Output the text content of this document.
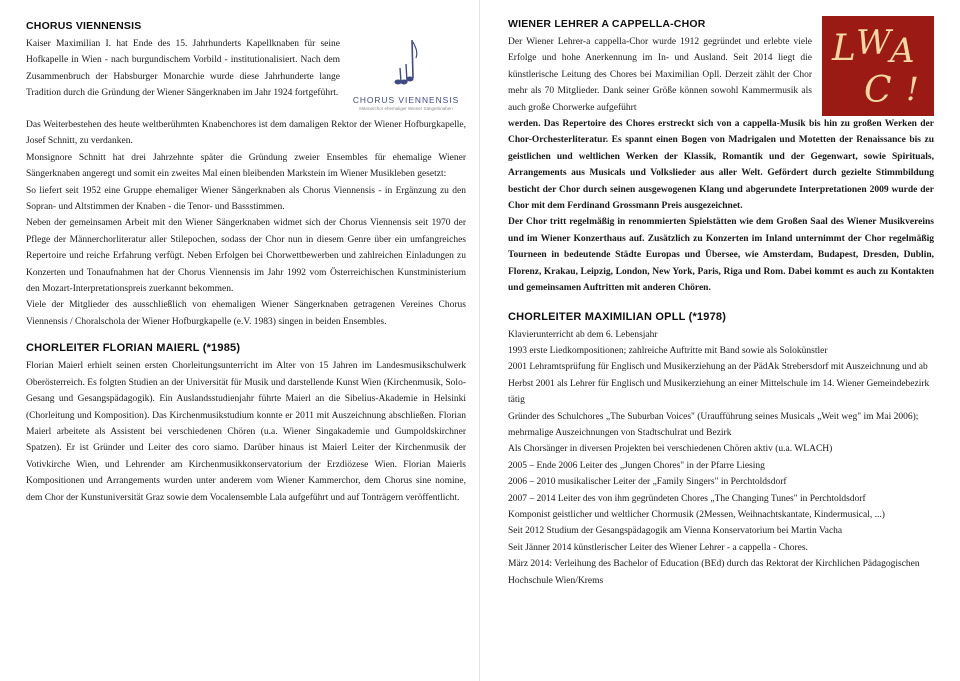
CHORUS VIENNENSIS

Kaiser Maximilian I. hat Ende des 15. Jahrhunderts Kapellknaben für seine Hofkapelle in Wien - nach burgundischem Vorbild - institutionalisiert. Nach dem Zusammenbruch der Habsburger Monarchie wurde diese Jahrhunderte lange Tradition durch die Gründung der Wiener Sängerknaben im Jahr 1924 fortgeführt.

CHORUS VIENNENSIS
Männerchor ehemaliger Wiener Sängerknaben

Das Weiterbestehen des heute weltberühmten Knabenchores ist dem damaligen Rektor der Wiener Hofburgkapelle, Josef Schnitt, zu verdanken.

Monsignore Schnitt hat drei Jahrzehnte später die Gründung zweier Ensembles für ehemalige Wiener Sängerknaben angeregt und somit ein zweites Mal einen bleibenden Markstein im Wiener Musikleben gesetzt:

So liefert seit 1952 eine Gruppe ehemaliger Wiener Sängerknaben als Chorus Viennensis - in Ergänzung zu den Sopran- und Altstimmen der Knaben - die Tenor- und Bassstimmen.

Neben der gemeinsamen Arbeit mit den Wiener Sängerknaben widmet sich der Chorus Viennensis seit 1970 der Pflege der Männerchorliteratur aller Stilepochen, sodass der Chor nun in diesem Genre über ein umfangreiches Repertoire und reiche Erfahrung verfügt. Neben Erfolgen bei Chorwettbewerben und zahlreichen Einladungen zu Konzerten und Tonaufnahmen hat der Chorus Viennensis im Jahr 1992 vom Österreichischen Kunstministerium den Mozart-Interpretationspreis zuerkannt bekommen.

Viele der Mitglieder des ausschließlich von ehemaligen Wiener Sängerknaben getragenen Vereines Chorus Viennensis / Choralschola der Wiener Hofburgkapelle (e.V. 1983) singen in beiden Ensembles.

CHORLEITER FLORIAN MAIERL (*1985)

Florian Maierl erhielt seinen ersten Chorleitungsunterricht im Alter von 15 Jahren im Landesmusikschulwerk Oberösterreich. Es folgten Studien an der Universität für Musik und darstellende Kunst Wien (Kirchenmusik, Solo-Gesang und Gesangspädagogik). Ein Auslandsstudienjahr führte Maierl an die Sibelius-Akademie in Helsinki (Chorleitung und Komposition). Das Kirchenmusikstudium konnte er 2011 mit Auszeichnung abschließen. Florian Maierl arbeitete als Assistent bei verschiedenen Chören (u.a. Wiener Singakademie und Gumpoldskirchner Spatzen). Er ist Gründer und Leiter des coro siamo. Darüber hinaus ist Maierl Leiter der Kirchenmusik der Votivkirche Wien, und Lehrender am Kirchenmusikkonservatorium der Erzdiözese Wien. Florian Maierls Kompositionen und Arrangements wurden unter anderem vom Wiener Kammerchor, dem Chorus sine nomine, dem Chor der Kunstuniversität Graz sowie dem Vocalensemble Lala aufgeführt und auf Tonträgern veröffentlicht.

WIENER LEHRER A CAPPELLA-CHOR

Der Wiener Lehrer-a cappella-Chor wurde 1912 gegründet und erlebte viele Erfolge und hohe Anerkennung im In- und Ausland. Seit 2014 liegt die künstlerische Leitung des Chores bei Maximilian Opll. Derzeit zählt der Chor mehr als 70 Mitglieder. Dank seiner Größe können sowohl Kammermusik als auch große Chorwerke aufgeführt

L W A
C !

werden. Das Repertoire des Chores erstreckt sich von a cappella-Musik bis hin zu großen Werken der Chor-Orchesterliteratur. Es spannt einen Bogen von Madrigalen und Motetten der Renaissance bis zu geistlichen und weltlichen Werken der Klassik, Romantik und der Gegenwart, sowie Spirituals, Arrangements aus Musicals und Volkslieder aus aller Welt. Gefördert durch gezielte Stimmbildung besticht der Chor durch seinen ausgewogenen Klang und abgerundete Interpretationen 2009 wurde der Chor mit dem Ferdinand Grossmann Preis ausgezeichnet.

Der Chor tritt regelmäßig in renommierten Spielstätten wie dem Großen Saal des Wiener Musikvereins und im Wiener Konzerthaus auf. Zusätzlich zu Konzerten im Inland unternimmt der Chor regelmäßig Tourneen in bedeutende Städte Europas und Übersee, wie Amsterdam, Budapest, Dresden, Dublin, Florenz, Krakau, Leipzig, London, New York, Paris, Riga und Rom. Dabei kommt es auch zu Kontakten und gemeinsamen Auftritten mit anderen Chören.

CHORLEITER MAXIMILIAN OPLL (*1978)

Klavierunterricht ab dem 6. Lebensjahr

1993 erste Liedkompositionen; zahlreiche Auftritte mit Band sowie als Solokünstler

2001 Lehramtsprüfung für Englisch und Musikerziehung an der PädAk Strebersdorf mit Auszeichnung und ab Herbst 2001 als Lehrer für Englisch und Musikerziehung an einer Mittelschule im 14. Wiener Gemeindebezirk tätig

Gründer des Schulchores „The Suburban Voices" (Uraufführung seines Musicals „Weit weg" im Mai 2006); mehrmalige Auszeichnungen von Stadtschulrat und Bezirk

Als Chorsänger in diversen Projekten bei verschiedenen Chören aktiv (u.a. WLACH)

2005 – Ende 2006 Leiter des „Jungen Chores" in der Pfarre Liesing

2006 – 2010 musikalischer Leiter der „Family Singers" in Perchtoldsdorf

2007 – 2014 Leiter des von ihm gegründeten Chores „The Changing Tunes" in Perchtoldsdorf

Komponist geistlicher und weltlicher Chormusik (2Messen, Weihnachtskantate, Kindermusical, ...)

Seit 2012 Studium der Gesangspädagogik am Vienna Konservatorium bei Martin Vacha

Seit Jänner 2014 künstlerischer Leiter des Wiener Lehrer - a cappella - Chores.

März 2014: Verleihung des Bachelor of Education (BEd) durch das Rektorat der Kirchlichen Pädagogischen Hochschule Wien/Krems
